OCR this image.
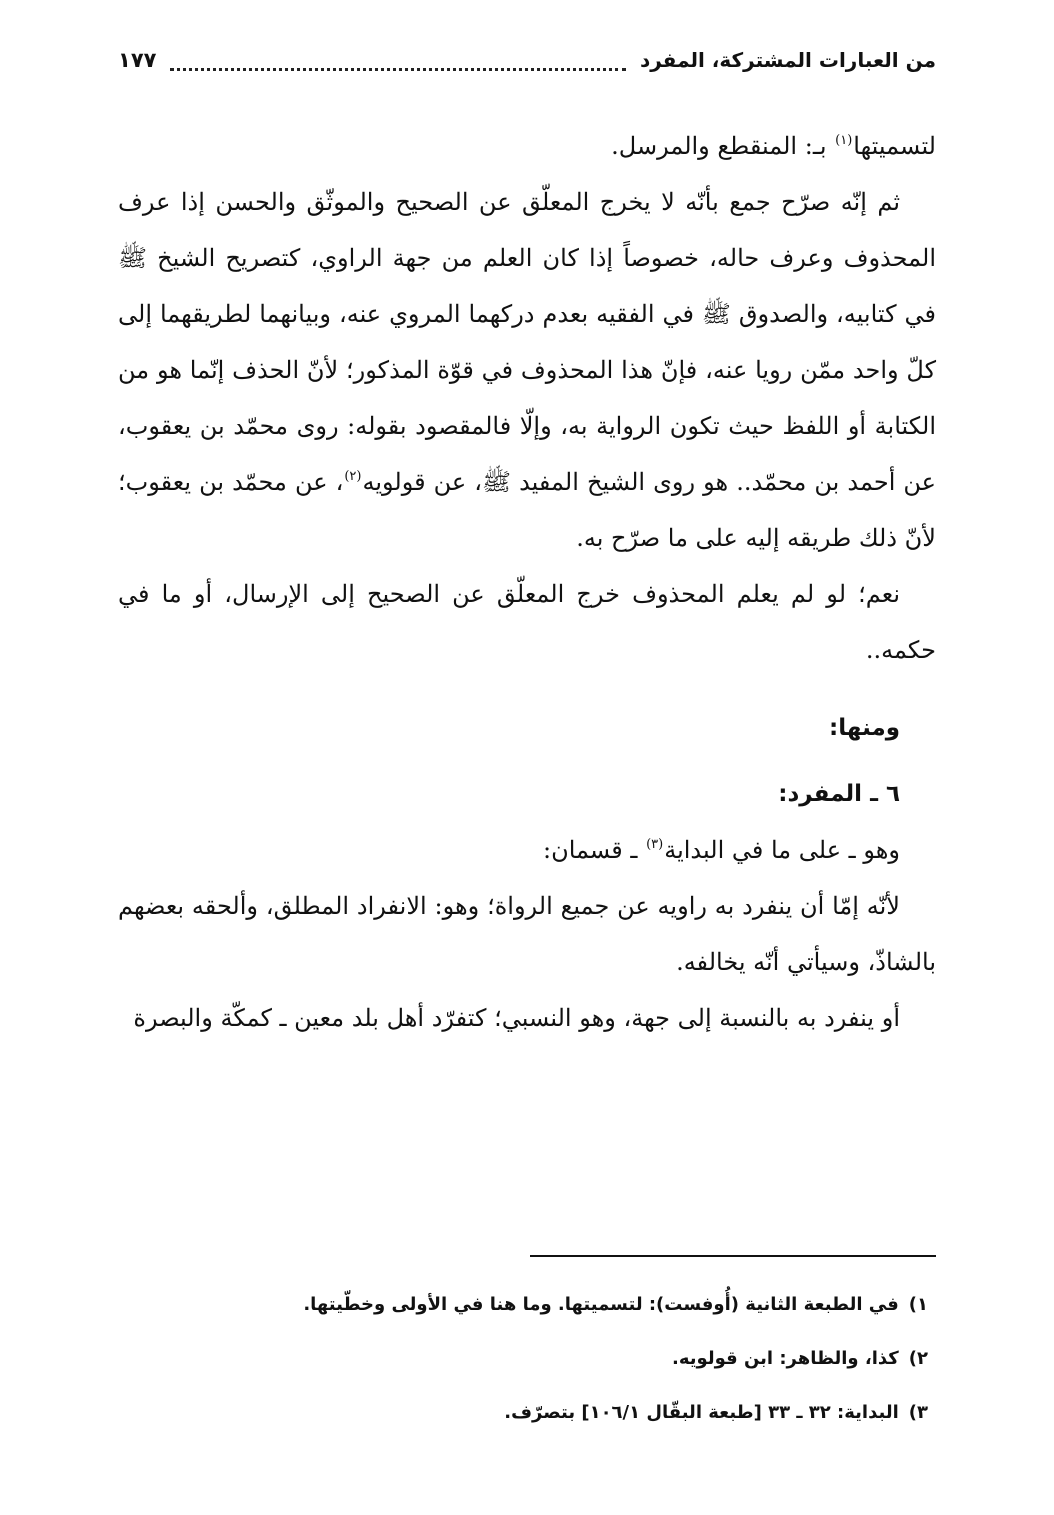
من العبارات المشتركة، المفرد
١٧٧

لتسميتها$^{(١)}$ بـ: المنقطع والمرسل.

ثم إنّه صرّح جمع بأنّه لا يخرج المعلّق عن الصحيح والموثّق والحسن إذا عرف المحذوف وعرف حاله، خصوصاً إذا كان العلم من جهة الراوي، كتصريح الشيخ ﷺ في كتابيه، والصدوق ﷺ في الفقيه بعدم دركهما المروي عنه، وبيانهما لطريقهما إلى كلّ واحد ممّن رويا عنه، فإنّ هذا المحذوف في قوّة المذكور؛ لأنّ الحذف إنّما هو من الكتابة أو اللفظ حيث تكون الرواية به، وإلّا فالمقصود بقوله: روى محمّد بن يعقوب، عن أحمد بن محمّد.. هو روى الشيخ المفيد ﷺ، عن قولويه$^{(٢)}$، عن محمّد بن يعقوب؛ لأنّ ذلك طريقه إليه على ما صرّح به.

نعم؛ لو لم يعلم المحذوف خرج المعلّق عن الصحيح إلى الإرسال، أو ما في حكمه..

ومنها:

٦ ـ المفرد:

وهو ـ على ما في البداية$^{(٣)}$ ـ قسمان:

لأنّه إمّا أن ينفرد به راويه عن جميع الرواة؛ وهو: الانفراد المطلق، وألحقه بعضهم بالشاذّ، وسيأتي أنّه يخالفه.

أو ينفرد به بالنسبة إلى جهة، وهو النسبي؛ كتفرّد أهل بلد معين ـ كمكّة والبصرة

١)في الطبعة الثانية (أُوفست): لتسميتها. وما هنا في الأولى وخطّيتها.
٢)كذا، والظاهر: ابن قولويه.
٣)البداية: ٣٢ ـ ٣٣ [طبعة البقّال ١٠٦/١] بتصرّف.
